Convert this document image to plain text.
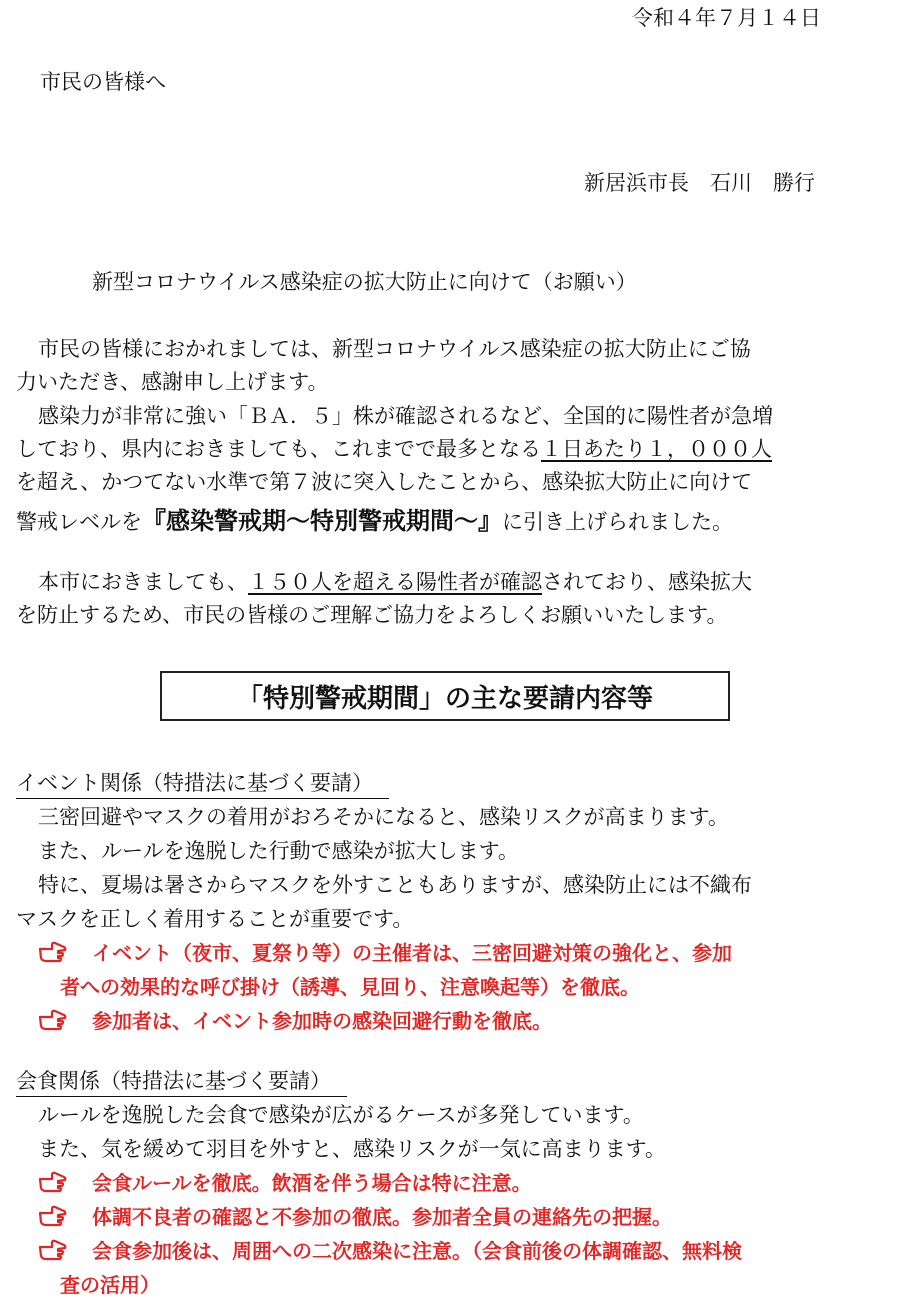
令和４年７月１４日
市民の皆様へ
新居浜市長　石川　勝行
新型コロナウイルス感染症の拡大防止に向けて（お願い）
市民の皆様におかれましては、新型コロナウイルス感染症の拡大防止にご協
力いただき、感謝申し上げます。
感染力が非常に強い「ＢＡ．５」株が確認されるなど、全国的に陽性者が急増
しており、県内におきましても、これまでで最多となる１日あたり１，０００人
を超え、かつてない水準で第７波に突入したことから、感染拡大防止に向けて
警戒レベルを『感染警戒期～特別警戒期間～』に引き上げられました。
本市におきましても、１５０人を超える陽性者が確認されており、感染拡大
を防止するため、市民の皆様のご理解ご協力をよろしくお願いいたします。
「特別警戒期間」の主な要請内容等
イベント関係（特措法に基づく要請）
三密回避やマスクの着用がおろそかになると、感染リスクが高まります。
また、ルールを逸脱した行動で感染が拡大します。
特に、夏場は暑さからマスクを外すこともありますが、感染防止には不織布
マスクを正しく着用することが重要です。
イベント（夜市、夏祭り等）の主催者は、三密回避対策の強化と、参加
者への効果的な呼び掛け（誘導、見回り、注意喚起等）を徹底。
参加者は、イベント参加時の感染回避行動を徹底。
会食関係（特措法に基づく要請）
ルールを逸脱した会食で感染が広がるケースが多発しています。
また、気を緩めて羽目を外すと、感染リスクが一気に高まります。
会食ルールを徹底。飲酒を伴う場合は特に注意。
体調不良者の確認と不参加の徹底。参加者全員の連絡先の把握。
会食参加後は、周囲への二次感染に注意。（会食前後の体調確認、無料検
査の活用）
